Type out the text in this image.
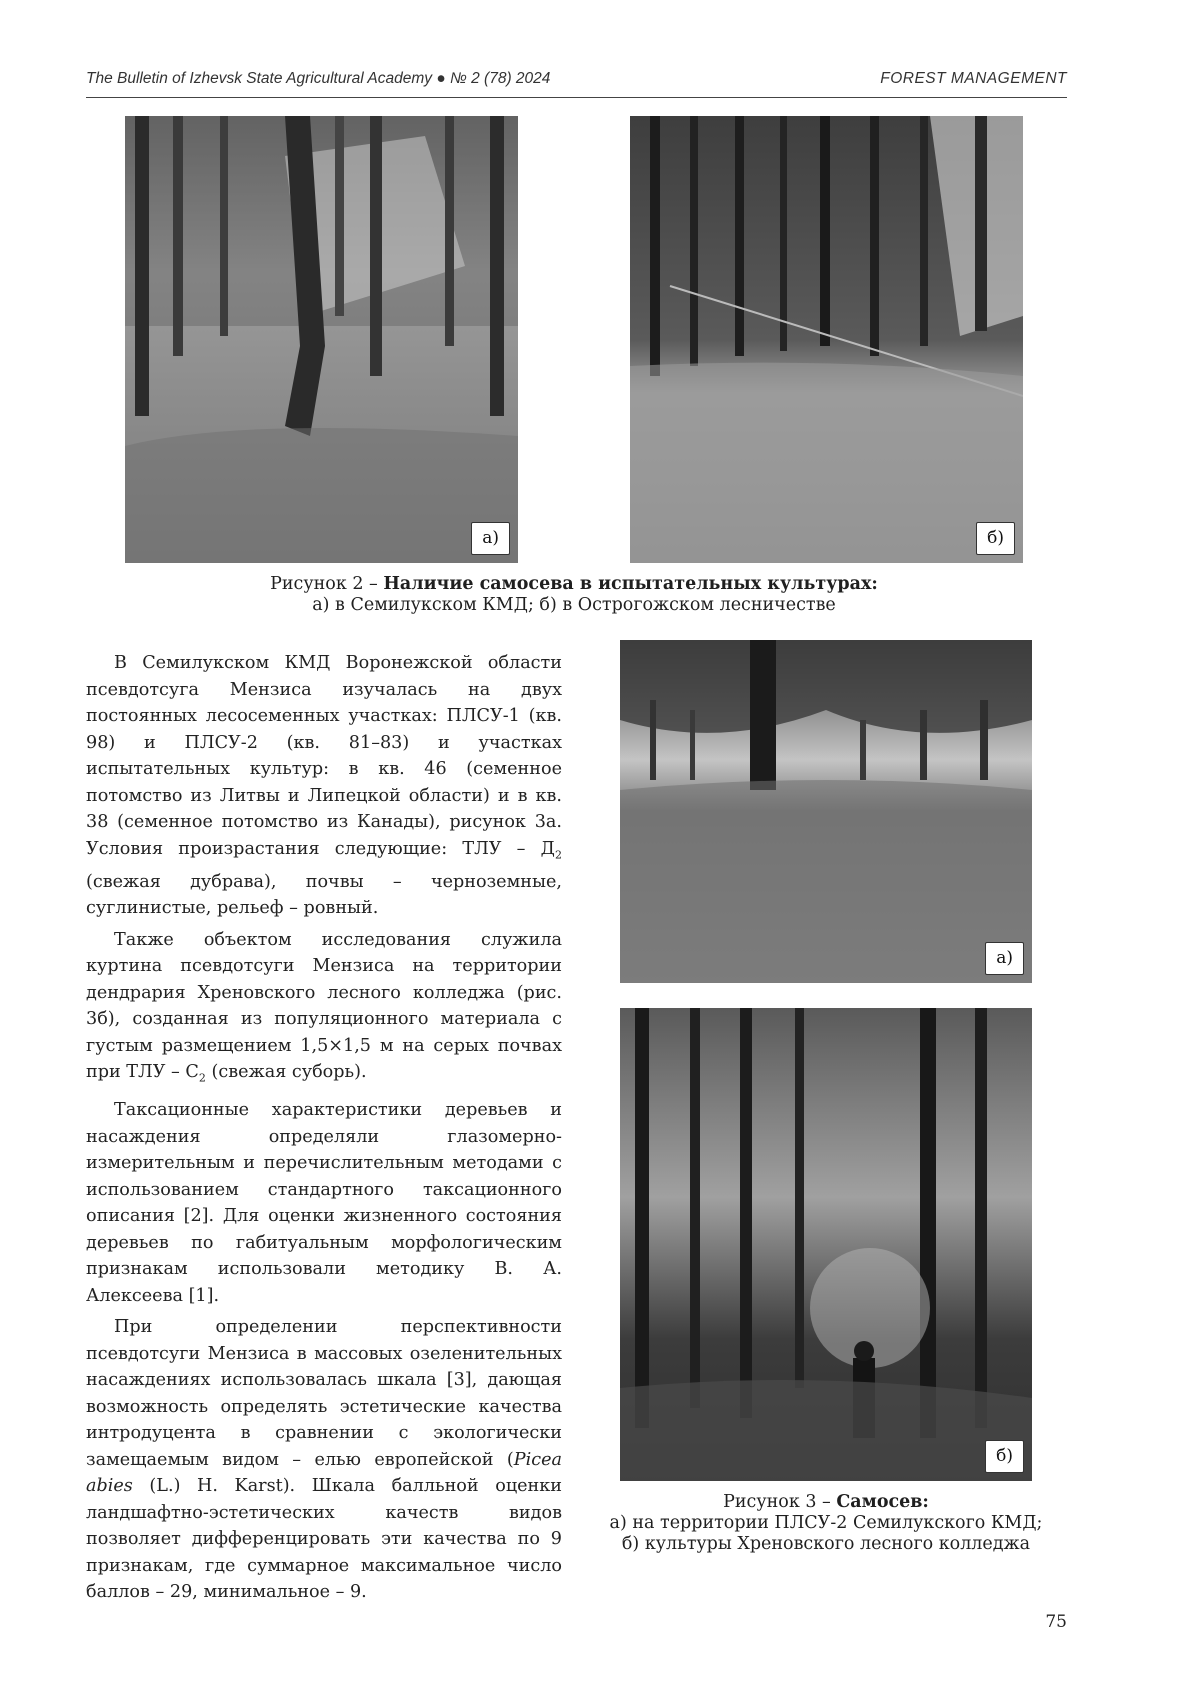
The Bulletin of Izhevsk State Agricultural Academy ● № 2 (78) 2024	FOREST MANAGEMENT
а)	б)
Рисунок 2 – Наличие самосева в испытательных культурах:
а) в Семилукском КМД; б) в Острогожском лесничестве

В Семилукском КМД Воронежской области псевдотсуга Мензиса изучалась на двух постоянных лесосеменных участках: ПЛСУ-1 (кв. 98) и ПЛСУ-2 (кв. 81–83) и участках испытательных культур: в кв. 46 (семенное потомство из Литвы и Липецкой области) и в кв. 38 (семенное потомство из Канады), рисунок 3а. Условия произрастания следующие: ТЛУ – $Д_2$ (свежая дубрава), почвы – черноземные, суглинистые, рельеф – ровный.

Также объектом исследования служила куртина псевдотсуги Мензиса на территории дендрария Хреновского лесного колледжа (рис. 3б), созданная из популяционного материала с густым размещением 1,5×1,5 м на серых почвах при ТЛУ – $С_2$ (свежая суборь).

Таксационные характеристики деревьев и насаждения определяли глазомерно-измерительным и перечислительным методами с использованием стандартного таксационного описания [2]. Для оценки жизненного состояния деревьев по габитуальным морфологическим признакам использовали методику В. А. Алексеева [1].

При определении перспективности псевдотсуги Мензиса в массовых озеленительных насаждениях использовалась шкала [3], дающая возможность определять эстетические качества интродуцента в сравнении с экологически замещаемым видом – елью европейской (Picea abies (L.) H. Karst). Шкала балльной оценки ландшафтно-эстетических качеств видов позволяет дифференцировать эти качества по 9 признакам, где суммарное максимальное число баллов – 29, минимальное – 9.

а)
б)
Рисунок 3 – Самосев:
а) на территории ПЛСУ-2 Семилукского КМД;
б) культуры Хреновского лесного колледжа
75
